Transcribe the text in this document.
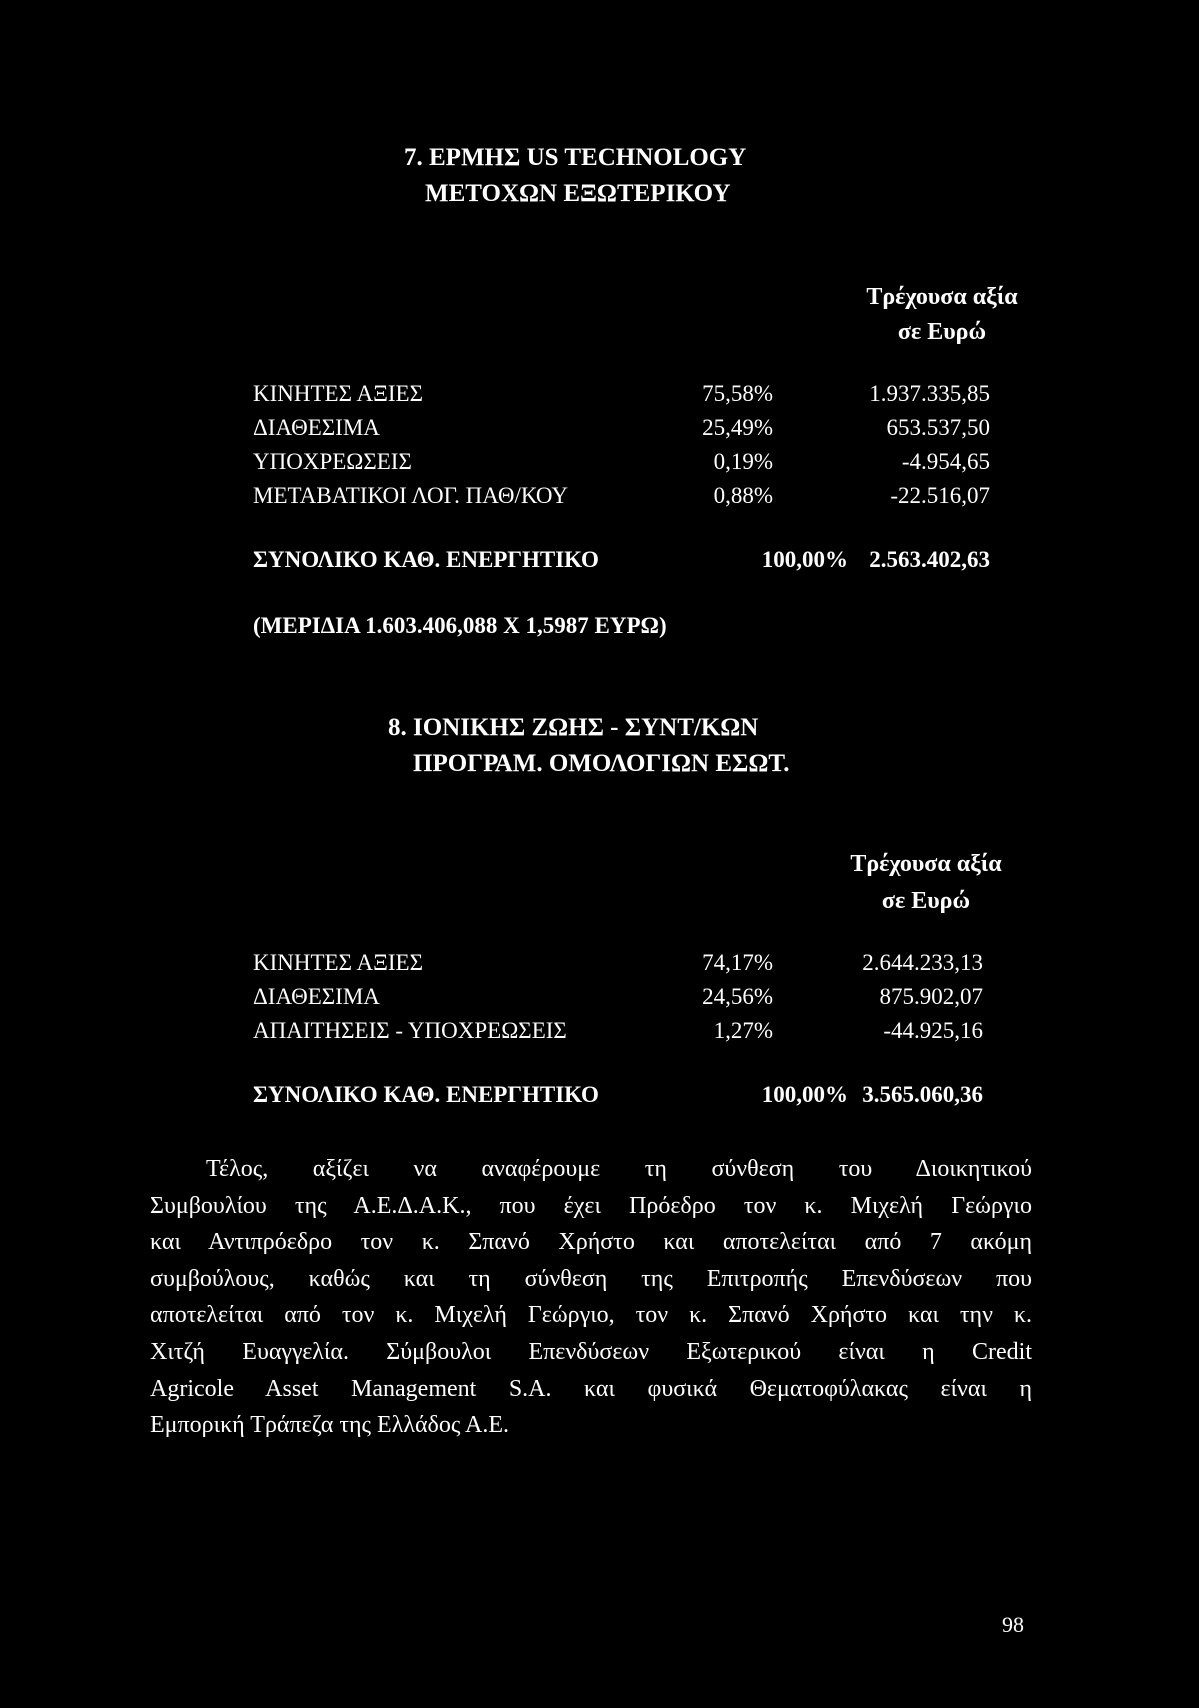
7. ΕΡΜΗΣ US TECHNOLOGY
ΜΕΤΟΧΩΝ ΕΞΩΤΕΡΙΚΟΥ
Τρέχουσα αξία
σε Ευρώ
ΚΙΝΗΤΕΣ ΑΞΙΕΣ	75,58%	1.937.335,85
ΔΙΑΘΕΣΙΜΑ	25,49%	653.537,50
ΥΠΟΧΡΕΩΣΕΙΣ	0,19%	-4.954,65
ΜΕΤΑΒΑΤΙΚΟΙ ΛΟΓ. ΠΑΘ/ΚΟΥ	0,88%	-22.516,07
ΣΥΝΟΛΙΚΟ ΚΑΘ. ΕΝΕΡΓΗΤΙΚΟ	100,00% 2.563.402,63
(ΜΕΡΙΔΙΑ 1.603.406,088 Χ 1,5987 ΕΥΡΩ)
8. ΙΟΝΙΚΗΣ ΖΩΗΣ - ΣΥΝΤ/ΚΩΝ
ΠΡΟΓΡΑΜ. ΟΜΟΛΟΓΙΩΝ ΕΣΩΤ.
Τρέχουσα αξία
σε Ευρώ
ΚΙΝΗΤΕΣ ΑΞΙΕΣ	74,17%	2.644.233,13
ΔΙΑΘΕΣΙΜΑ	24,56%	875.902,07
ΑΠΑΙΤΗΣΕΙΣ - ΥΠΟΧΡΕΩΣΕΙΣ	1,27%	-44.925,16
ΣΥΝΟΛΙΚΟ ΚΑΘ. ΕΝΕΡΓΗΤΙΚΟ	100,00% 3.565.060,36
Τέλος, αξίζει να αναφέρουμε τη σύνθεση του Διοικητικού
Συμβουλίου της Α.Ε.Δ.Α.Κ., που έχει Πρόεδρο τον κ. Μιχελή Γεώργιο
και Αντιπρόεδρο τον κ. Σπανό Χρήστο και αποτελείται από 7 ακόμη
συμβούλους, καθώς και τη σύνθεση της Επιτροπής Επενδύσεων που
αποτελείται από τον κ. Μιχελή Γεώργιο, τον κ. Σπανό Χρήστο και την κ.
Χιτζή Ευαγγελία. Σύμβουλοι Επενδύσεων Εξωτερικού είναι η Credit
Agricole Asset Management S.A. και φυσικά Θεματοφύλακας είναι η
Εμπορική Τράπεζα της Ελλάδος Α.Ε.
98
